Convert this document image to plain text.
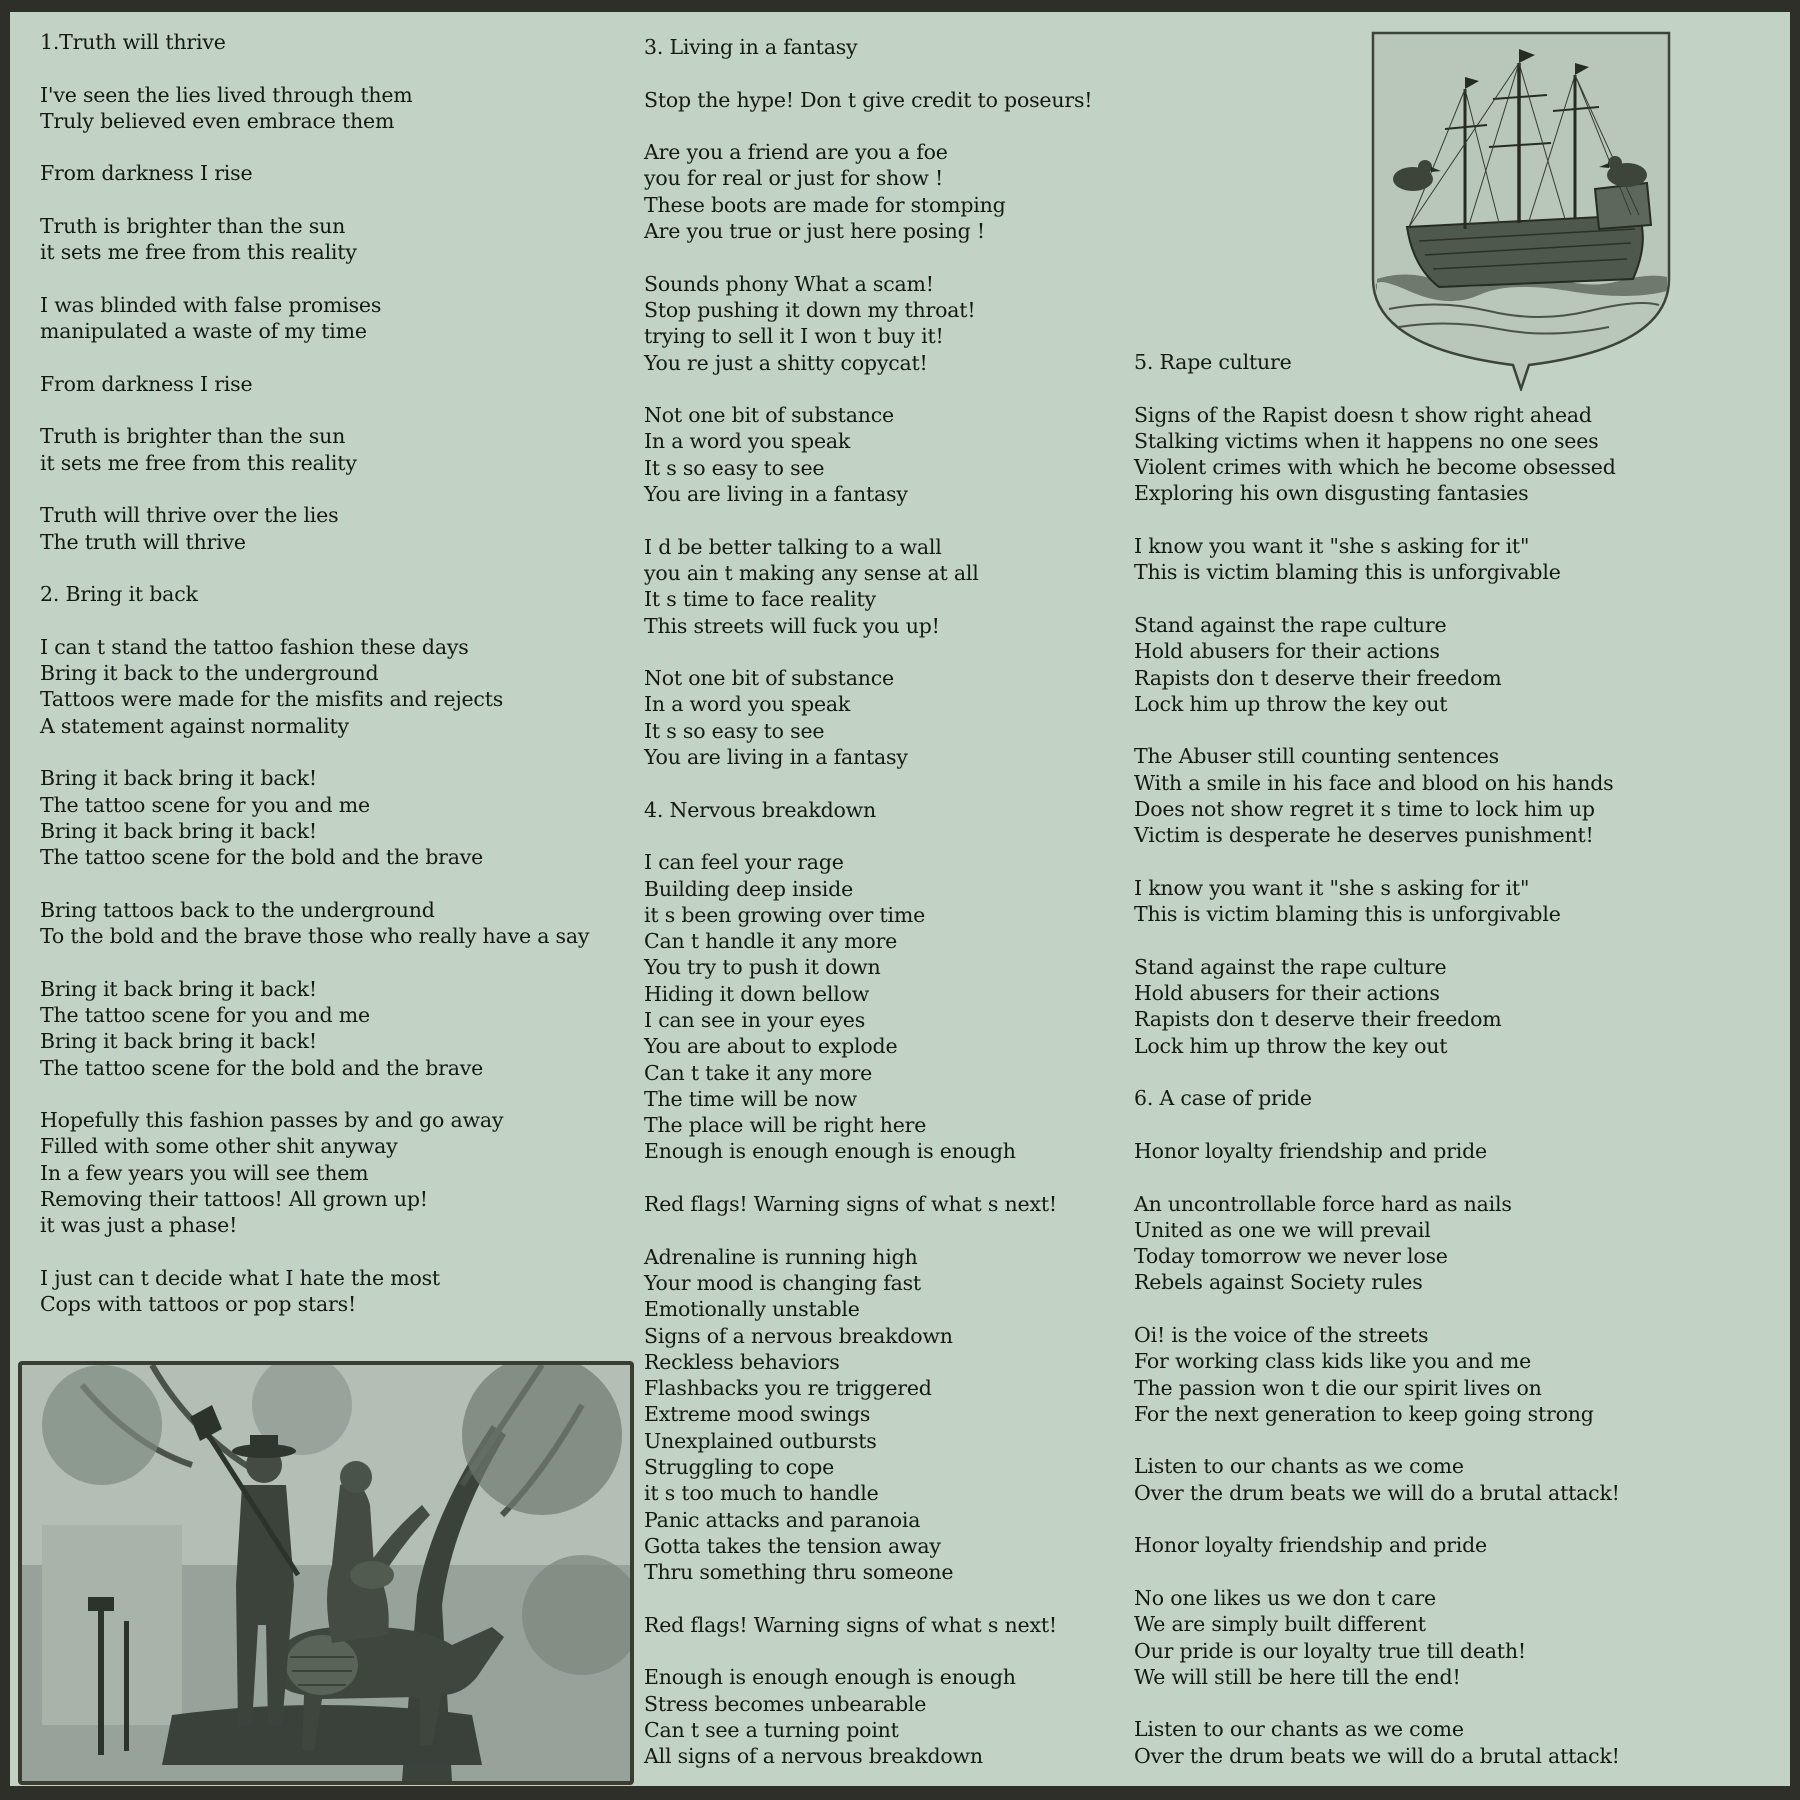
1.Truth will thrive
I've seen the lies lived through them
Truly believed even embrace them
From darkness I rise
Truth is brighter than the sun
it sets me free from this reality
I was blinded with false promises
manipulated a waste of my time
From darkness I rise
Truth is brighter than the sun
it sets me free from this reality
Truth will thrive over the lies
The truth will thrive
2. Bring it back
I can t stand the tattoo fashion these days
Bring it back to the underground
Tattoos were made for the misfits and rejects
A statement against normality
Bring it back bring it back!
The tattoo scene for you and me
Bring it back bring it back!
The tattoo scene for the bold and the brave
Bring tattoos back to the underground
To the bold and the brave those who really have a say
Bring it back bring it back!
The tattoo scene for you and me
Bring it back bring it back!
The tattoo scene for the bold and the brave
Hopefully this fashion passes by and go away
Filled with some other shit anyway
In a few years you will see them
Removing their tattoos! All grown up!
it was just a phase!
I just can t decide what I hate the most
Cops with tattoos or pop stars!
3. Living in a fantasy
Stop the hype! Don t give credit to poseurs!
Are you a friend are you a foe
you for real or just for show !
These boots are made for stomping
Are you true or just here posing !
Sounds phony What a scam!
Stop pushing it down my throat!
trying to sell it I won t buy it!
You re just a shitty copycat!
Not one bit of substance
In a word you speak
It s so easy to see
You are living in a fantasy
I d be better talking to a wall
you ain t making any sense at all
It s time to face reality
This streets will fuck you up!
Not one bit of substance
In a word you speak
It s so easy to see
You are living in a fantasy
4. Nervous breakdown
I can feel your rage
Building deep inside
it s been growing over time
Can t handle it any more
You try to push it down
Hiding it down bellow
I can see in your eyes
You are about to explode
Can t take it any more
The time will be now
The place will be right here
Enough is enough enough is enough
Red flags! Warning signs of what s next!
Adrenaline is running high
Your mood is changing fast
Emotionally unstable
Signs of a nervous breakdown
Reckless behaviors
Flashbacks you re triggered
Extreme mood swings
Unexplained outbursts
Struggling to cope
it s too much to handle
Panic attacks and paranoia
Gotta takes the tension away
Thru something thru someone
Red flags! Warning signs of what s next!
Enough is enough enough is enough
Stress becomes unbearable
Can t see a turning point
All signs of a nervous breakdown
5. Rape culture
Signs of the Rapist doesn t show right ahead
Stalking victims when it happens no one sees
Violent crimes with which he become obsessed
Exploring his own disgusting fantasies
I know you want it "she s asking for it"
This is victim blaming this is unforgivable
Stand against the rape culture
Hold abusers for their actions
Rapists don t deserve their freedom
Lock him up throw the key out
The Abuser still counting sentences
With a smile in his face and blood on his hands
Does not show regret it s time to lock him up
Victim is desperate he deserves punishment!
I know you want it "she s asking for it"
This is victim blaming this is unforgivable
Stand against the rape culture
Hold abusers for their actions
Rapists don t deserve their freedom
Lock him up throw the key out
6. A case of pride
Honor loyalty friendship and pride
An uncontrollable force hard as nails
United as one we will prevail
Today tomorrow we never lose
Rebels against Society rules
Oi! is the voice of the streets
For working class kids like you and me
The passion won t die our spirit lives on
For the next generation to keep going strong
Listen to our chants as we come
Over the drum beats we will do a brutal attack!
Honor loyalty friendship and pride
No one likes us we don t care
We are simply built different
Our pride is our loyalty true till death!
We will still be here till the end!
Listen to our chants as we come
Over the drum beats we will do a brutal attack!
